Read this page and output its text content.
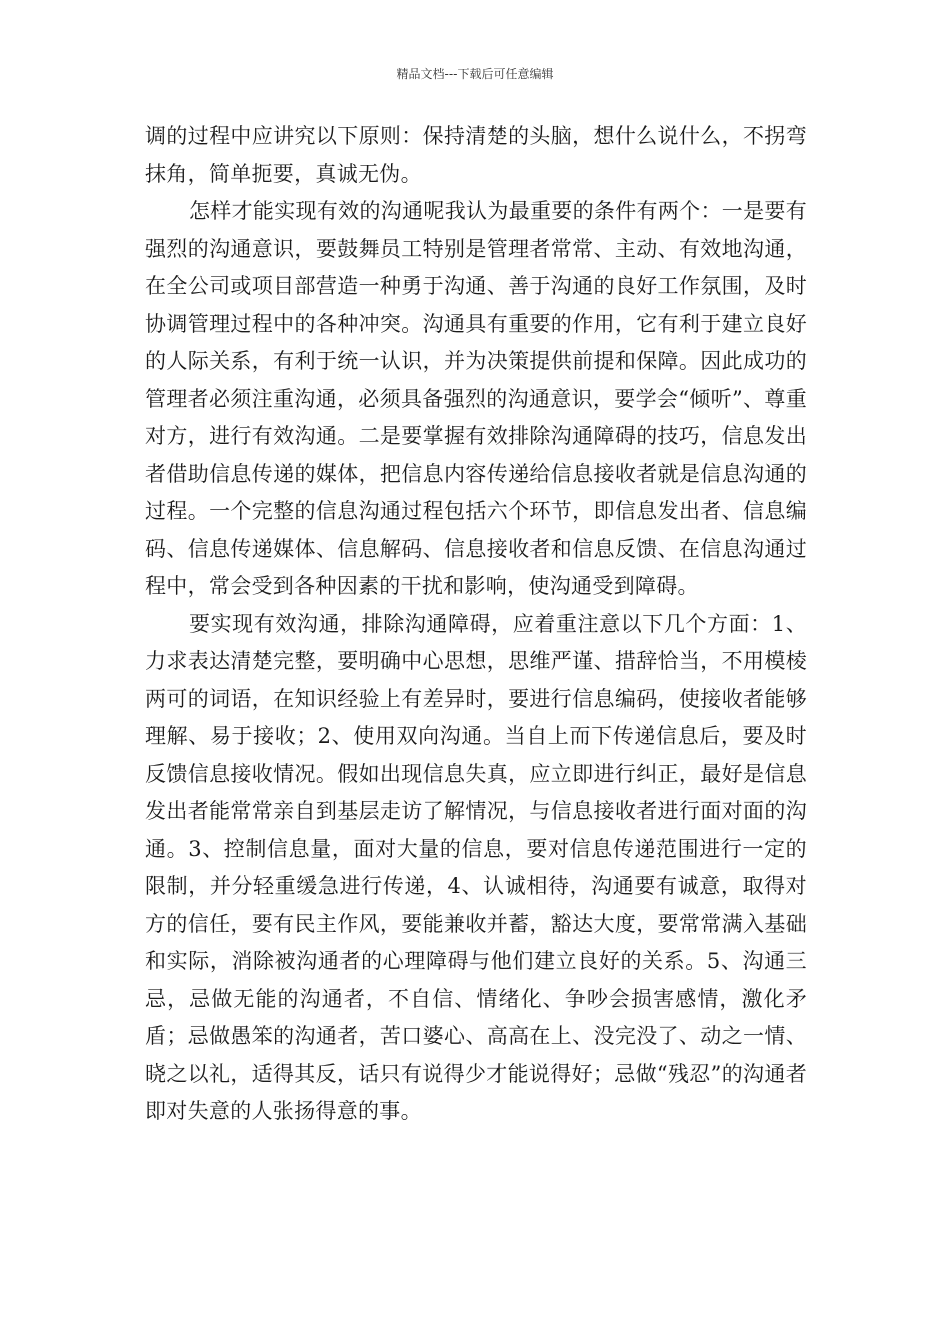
精品文档---下载后可任意编辑

调的过程中应讲究以下原则：保持清楚的头脑，想什么说什么，不拐弯抹角，简单扼要，真诚无伪。

怎样才能实现有效的沟通呢我认为最重要的条件有两个：一是要有强烈的沟通意识，要鼓舞员工特别是管理者常常、主动、有效地沟通，在全公司或项目部营造一种勇于沟通、善于沟通的良好工作氛围，及时协调管理过程中的各种冲突。沟通具有重要的作用，它有利于建立良好的人际关系，有利于统一认识，并为决策提供前提和保障。因此成功的管理者必须注重沟通，必须具备强烈的沟通意识，要学会“倾听”、尊重对方，进行有效沟通。二是要掌握有效排除沟通障碍的技巧，信息发出者借助信息传递的媒体，把信息内容传递给信息接收者就是信息沟通的过程。一个完整的信息沟通过程包括六个环节，即信息发出者、信息编码、信息传递媒体、信息解码、信息接收者和信息反馈、在信息沟通过程中，常会受到各种因素的干扰和影响，使沟通受到障碍。

要实现有效沟通，排除沟通障碍，应着重注意以下几个方面：1、力求表达清楚完整，要明确中心思想，思维严谨、措辞恰当，不用模棱两可的词语，在知识经验上有差异时，要进行信息编码，使接收者能够理解、易于接收；2、使用双向沟通。当自上而下传递信息后，要及时反馈信息接收情况。假如出现信息失真，应立即进行纠正，最好是信息发出者能常常亲自到基层走访了解情况，与信息接收者进行面对面的沟通。3、控制信息量，面对大量的信息，要对信息传递范围进行一定的限制，并分轻重缓急进行传递，4、认诚相待，沟通要有诚意，取得对方的信任，要有民主作风，要能兼收并蓄，豁达大度，要常常满入基础和实际，消除被沟通者的心理障碍与他们建立良好的关系。5、沟通三忌，忌做无能的沟通者，不自信、情绪化、争吵会损害感情，激化矛盾；忌做愚笨的沟通者，苦口婆心、高高在上、没完没了、动之一情、晓之以礼，适得其反，话只有说得少才能说得好；忌做“残忍”的沟通者即对失意的人张扬得意的事。
